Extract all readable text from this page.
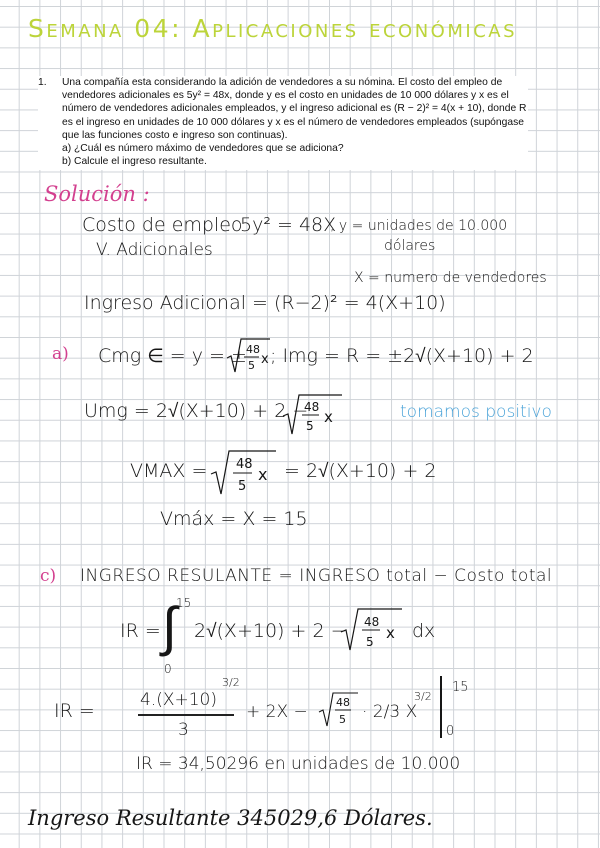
Semana 04: Aplicaciones económicas
1. Una compañía esta considerando la adición de vendedores a su nómina. El costo del empleo de vendedores adicionales es 5y² = 48x, donde y es el costo en unidades de 10 000 dólares y x es el número de vendedores adicionales empleados, y el ingreso adicional es (R − 2)² = 4(x + 10), donde R es el ingreso en unidades de 10 000 dólares y x es el número de vendedores empleados (supóngase que las funciones costo e ingreso son continuas).
a) ¿Cuál es número máximo de vendedores que se adiciona?
b) Calcule el ingreso resultante.
Solución :
Costo de empleo
5y² = 48X
V. Adicionales
, y = unidades de 10.000
dólares
X = numero de vendedores
Ingreso Adicional = (R−2)² = 4(X+10)
a) Cmg ∈ = y = ± 48
5 x ; Img = R = ±2√(X+10) + 2
Umg = 2√(X+10) + 2 −
48
5 x	tomamos positivo
VMAX = 48
5
x = 2√(X+10) + 2
Vmáx = X = 15
c) INGRESO RESULANTE = INGRESO total − Costo total
IR =
15
∫
0
2√(X+10) + 2 − 48
5 x dx
IR =	4.(X+10)
3/2
3
+ 2X −	48
5 · 2/3 X
3/2
15
0
IR = 34,50296 en unidades de 10.000
Ingreso Resultante 345029,6 Dólares.
